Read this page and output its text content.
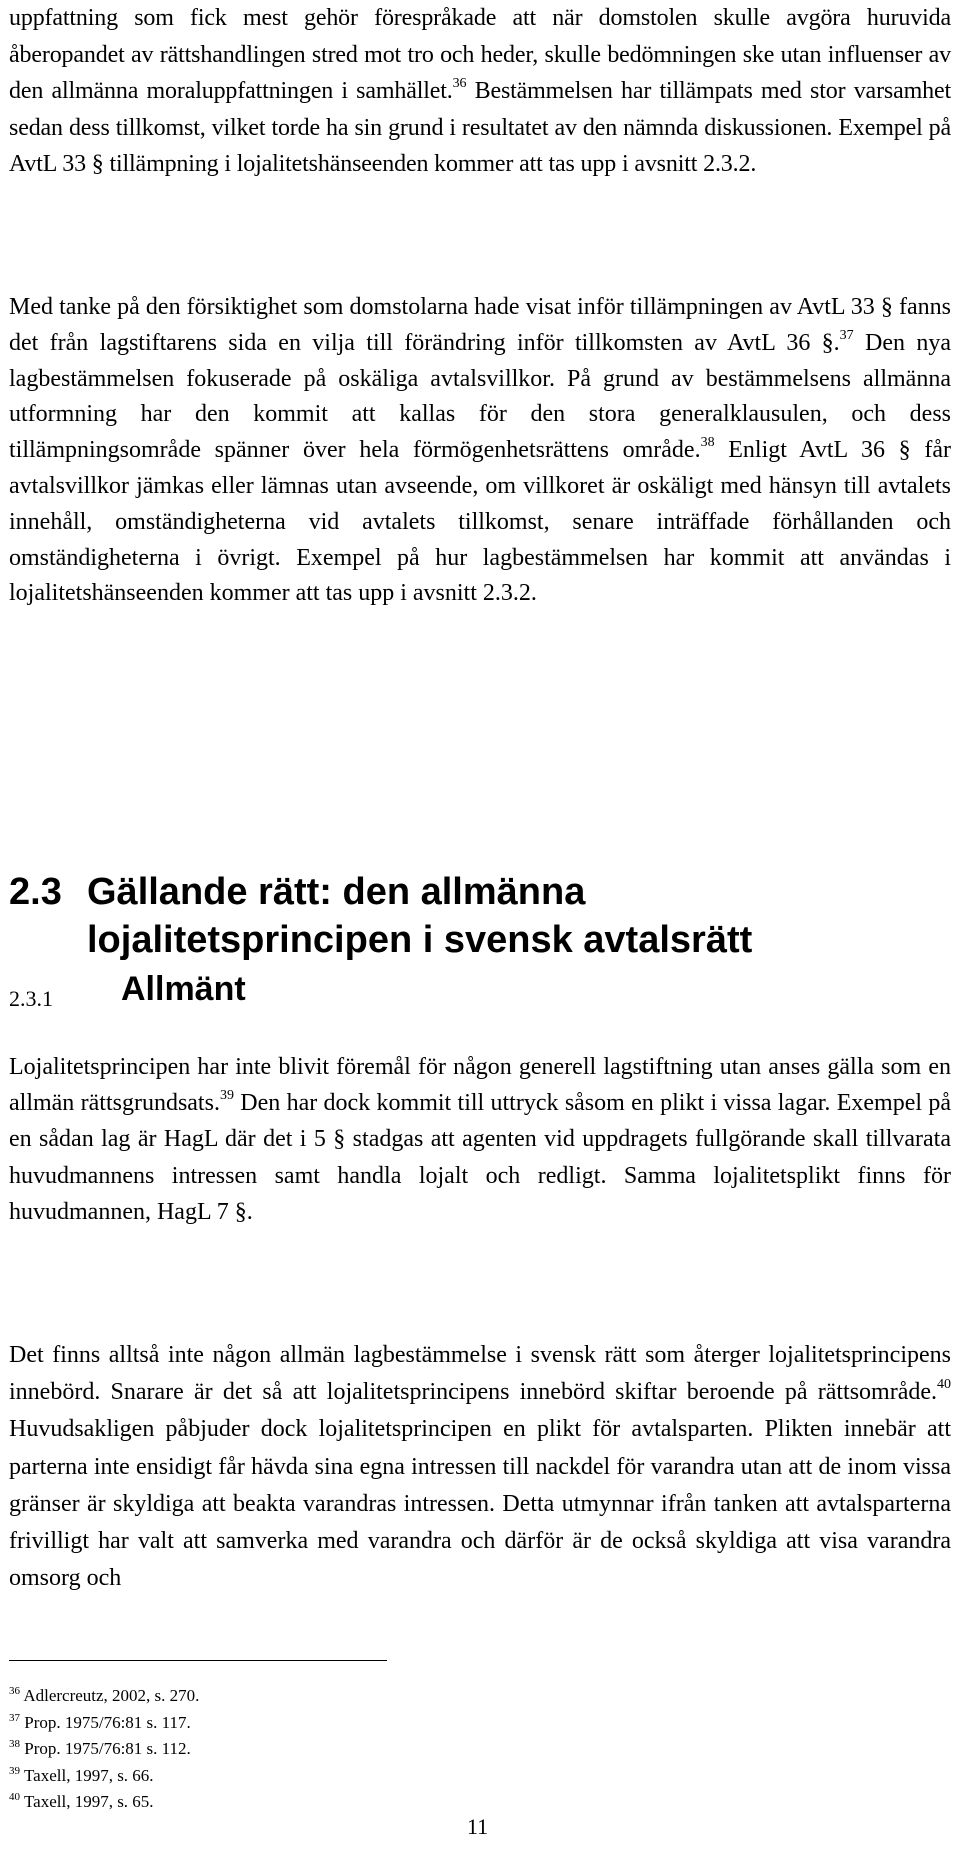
uppfattning som fick mest gehör förespråkade att när domstolen skulle avgöra huruvida åberopandet av rättshandlingen stred mot tro och heder, skulle bedömningen ske utan influenser av den allmänna moraluppfattningen i samhället.$^{36}$ Bestämmelsen har tillämpats med stor varsamhet sedan dess tillkomst, vilket torde ha sin grund i resultatet av den nämnda diskussionen. Exempel på AvtL 33 § tillämpning i lojalitetshänseenden kommer att tas upp i avsnitt 2.3.2.

Med tanke på den försiktighet som domstolarna hade visat inför tillämpningen av AvtL 33 § fanns det från lagstiftarens sida en vilja till förändring inför tillkomsten av AvtL 36 §.$^{37}$ Den nya lagbestämmelsen fokuserade på oskäliga avtalsvillkor. På grund av bestämmelsens allmänna utformning har den kommit att kallas för den stora generalklausulen, och dess tillämpningsområde spänner över hela förmögenhetsrättens område.$^{38}$ Enligt AvtL 36 § får avtalsvillkor jämkas eller lämnas utan avseende, om villkoret är oskäligt med hänsyn till avtalets innehåll, omständigheterna vid avtalets tillkomst, senare inträffade förhållanden och omständigheterna i övrigt. Exempel på hur lagbestämmelsen har kommit att användas i lojalitetshänseenden kommer att tas upp i avsnitt 2.3.2.

2.3 Gällande rätt: den allmänna
lojalitetsprincipen i svensk avtalsrätt
2.3.1 Allmänt

Lojalitetsprincipen har inte blivit föremål för någon generell lagstiftning utan anses gälla som en allmän rättsgrundsats.$^{39}$ Den har dock kommit till uttryck såsom en plikt i vissa lagar. Exempel på en sådan lag är HagL där det i 5 § stadgas att agenten vid uppdragets fullgörande skall tillvarata huvudmannens intressen samt handla lojalt och redligt. Samma lojalitetsplikt finns för huvudmannen, HagL 7 §.

Det finns alltså inte någon allmän lagbestämmelse i svensk rätt som återger lojalitetsprincipens innebörd. Snarare är det så att lojalitetsprincipens innebörd skiftar beroende på rättsområde.$^{40}$ Huvudsakligen påbjuder dock lojalitetsprincipen en plikt för avtalsparten. Plikten innebär att parterna inte ensidigt får hävda sina egna intressen till nackdel för varandra utan att de inom vissa gränser är skyldiga att beakta varandras intressen. Detta utmynnar ifrån tanken att avtalsparterna frivilligt har valt att samverka med varandra och därför är de också skyldiga att visa varandra omsorg och

$^{36}$ Adlercreutz, 2002, s. 270.
$^{37}$ Prop. 1975/76:81 s. 117.
$^{38}$ Prop. 1975/76:81 s. 112.
$^{39}$ Taxell, 1997, s. 66.
$^{40}$ Taxell, 1997, s. 65.
11
